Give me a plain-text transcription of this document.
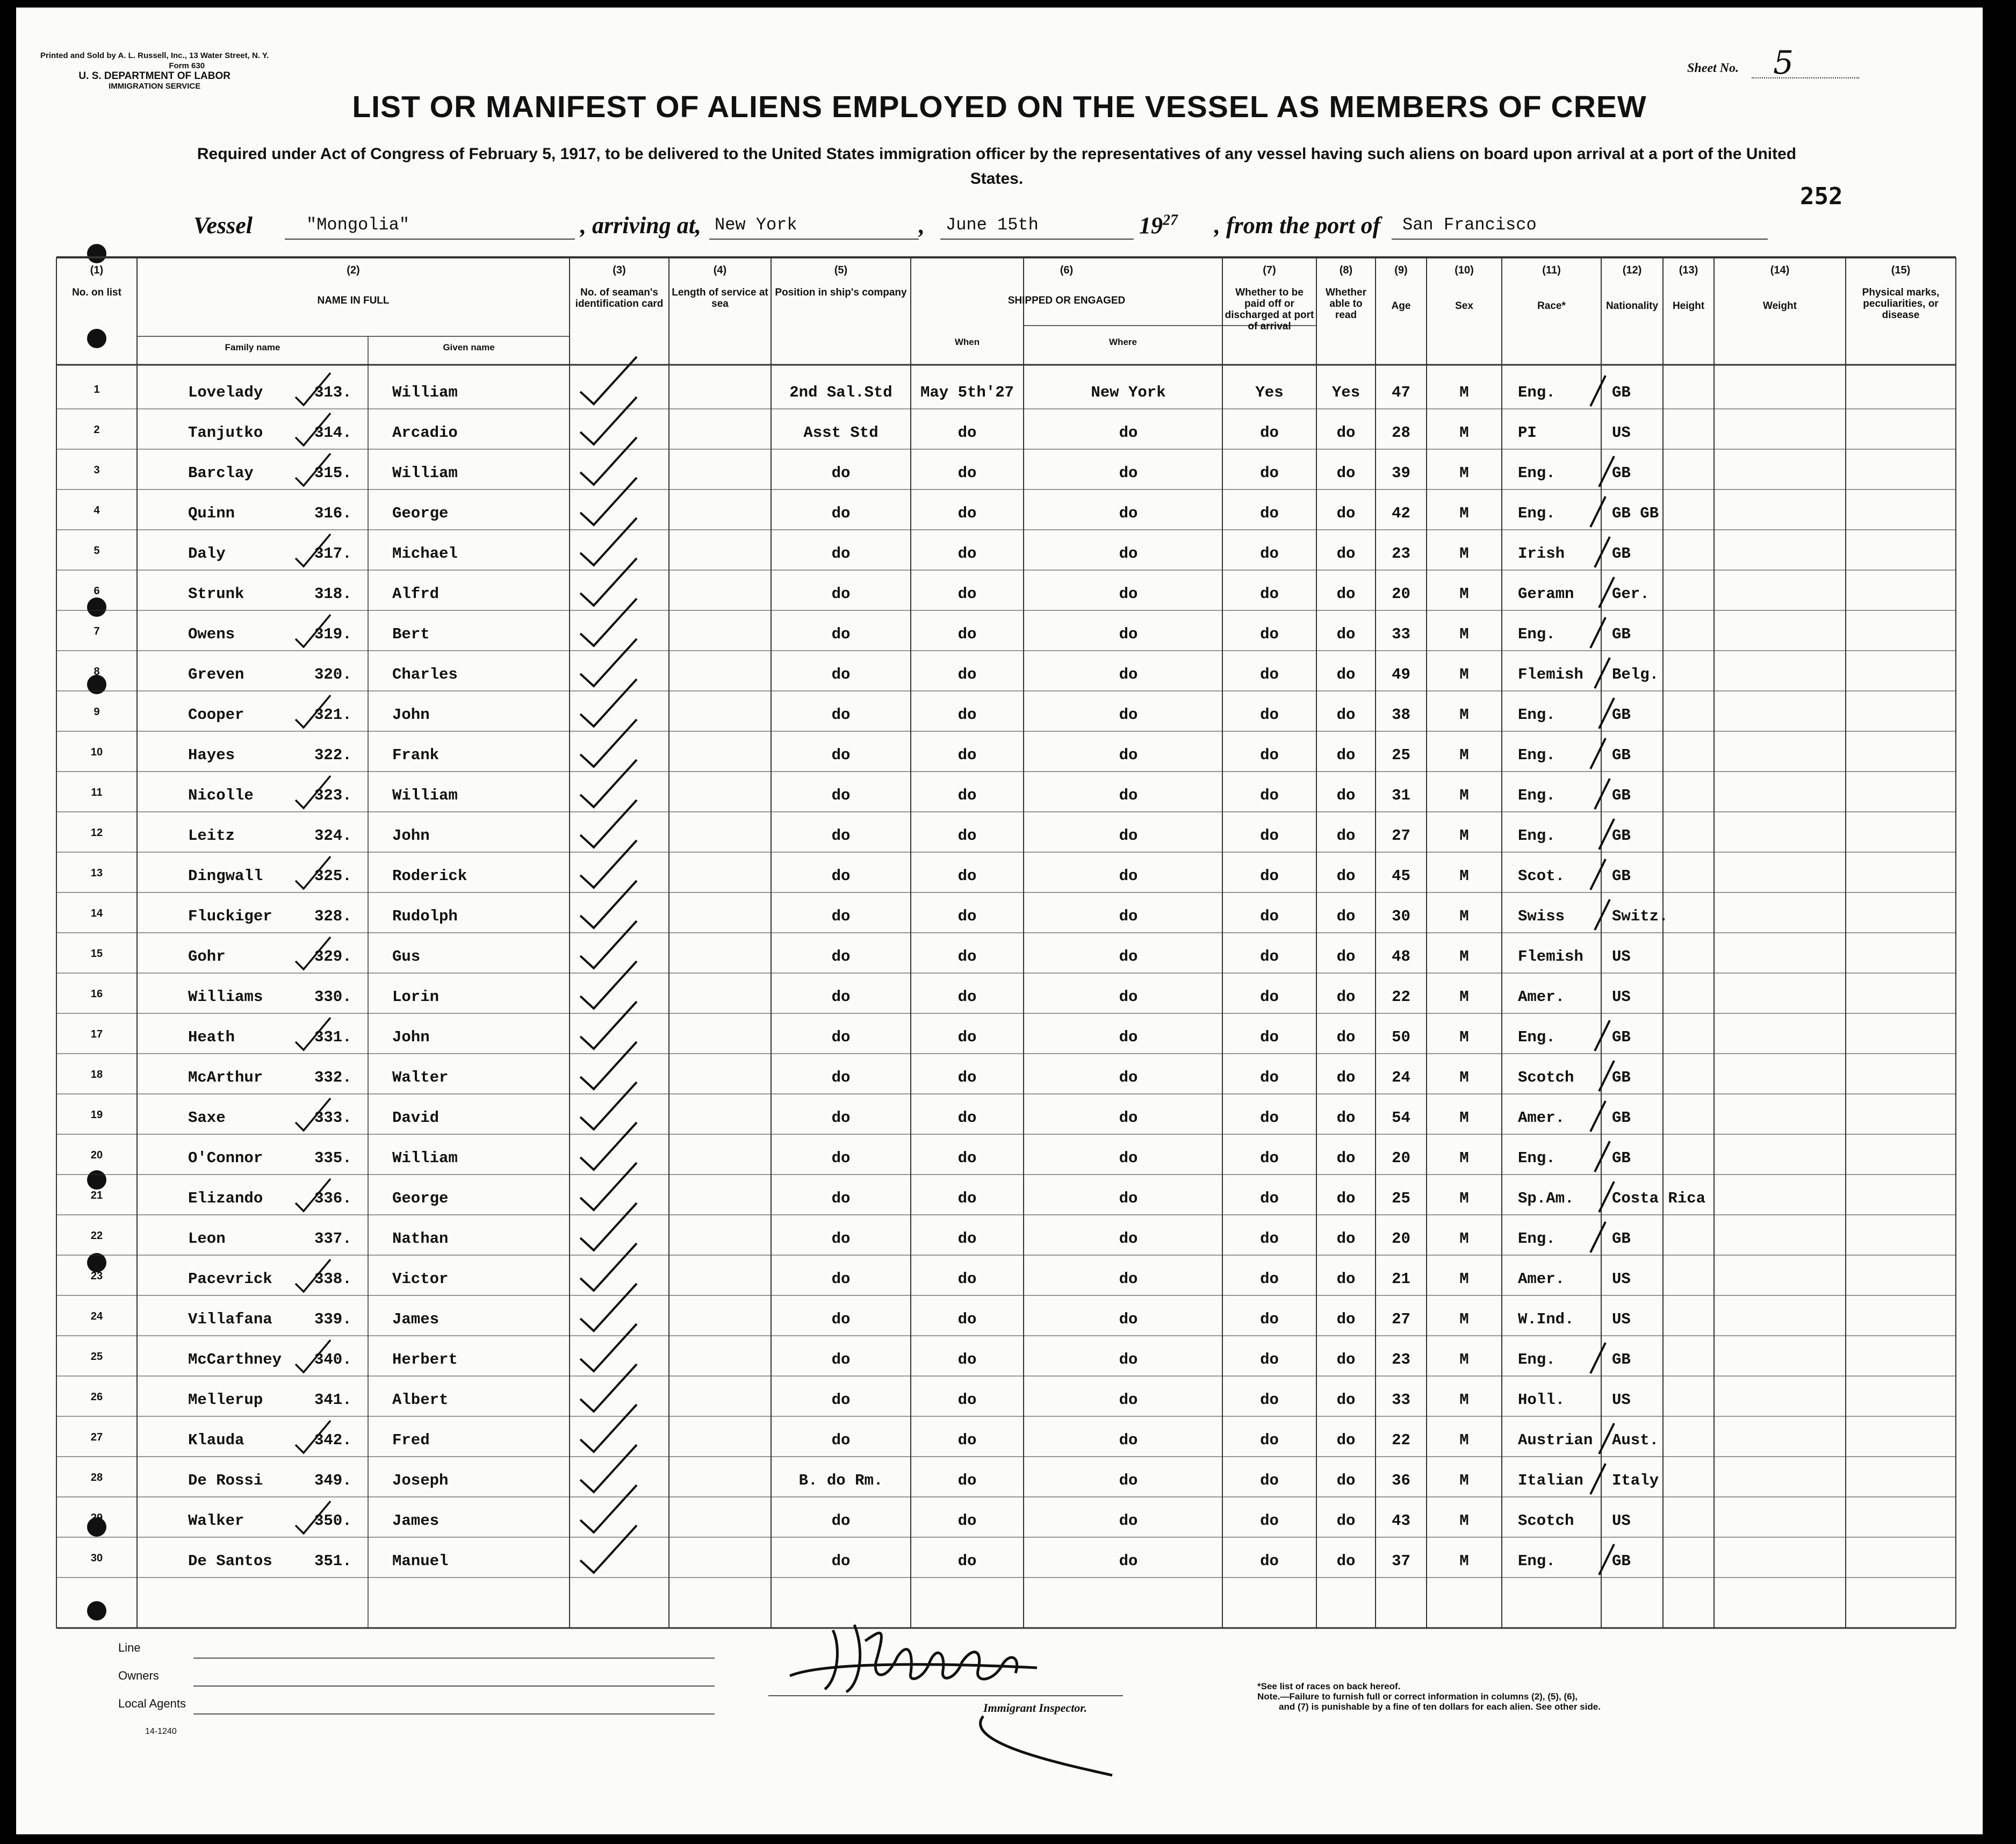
Printed and Sold by A. L. Russell, Inc., 13 Water Street, N. Y.
Form 630
U. S. DEPARTMENT OF LABOR
IMMIGRATION SERVICE
Sheet No. 5
LIST OR MANIFEST OF ALIENS EMPLOYED ON THE VESSEL AS MEMBERS OF CREW
Required under Act of Congress of February 5, 1917, to be delivered to the United States immigration officer by the representatives of any vessel having such aliens on board upon arrival at a port of the United States.
252
Vessel	"Mongolia"	, arriving at, New York	, June 15th	$19^{27}$ , from the port of San Francisco
(1)
No. on list
(2)
NAME IN FULL
(3)
No. of seaman's identification card
(4)
Length of service at sea
(5)
Position in ship's company
(6)
SHIPPED OR ENGAGED
(7)
Whether to be paid off or discharged at port of arrival
(8)
Whether able to read
(9)
Age
(10)
Sex
(11)
Race*
(12)
Nationality
(13)
Height
(14)
Weight
(15)
Physical marks, peculiarities, or disease
Family name	Given name
When	Where
1	Lovelady	313.	William	2nd Sal.Std	May 5th'27	New York	Yes	Yes	47	M	Eng.	GB
2	Tanjutko	314.	Arcadio	Asst Std	do	do	do	do	28	M	PI	US
3	Barclay	315.	William	do	do	do	do	do	39	M	Eng.	GB
4	Quinn	316.	George	do	do	do	do	do	42	M	Eng.	GB GB
5	Daly	317.	Michael	do	do	do	do	do	23	M	Irish	GB
6	Strunk	318.	Alfrd	do	do	do	do	do	20	M	Geramn	Ger.
7	Owens	319.	Bert	do	do	do	do	do	33	M	Eng.	GB
8	Greven	320.	Charles	do	do	do	do	do	49	M	Flemish	Belg.
9	Cooper	321.	John	do	do	do	do	do	38	M	Eng.	GB
10	Hayes	322.	Frank	do	do	do	do	do	25	M	Eng.	GB
11	Nicolle	323.	William	do	do	do	do	do	31	M	Eng.	GB
12	Leitz	324.	John	do	do	do	do	do	27	M	Eng.	GB
13	Dingwall	325.	Roderick	do	do	do	do	do	45	M	Scot.	GB
14	Fluckiger	328.	Rudolph	do	do	do	do	do	30	M	Swiss	Switz.
15	Gohr	329.	Gus	do	do	do	do	do	48	M	Flemish	US
16	Williams	330.	Lorin	do	do	do	do	do	22	M	Amer.	US
17	Heath	331.	John	do	do	do	do	do	50	M	Eng.	GB
18	McArthur	332.	Walter	do	do	do	do	do	24	M	Scotch	GB
19	Saxe	333.	David	do	do	do	do	do	54	M	Amer.	GB
20	O'Connor	335.	William	do	do	do	do	do	20	M	Eng.	GB
21	Elizando	336.	George	do	do	do	do	do	25	M	Sp.Am.	Costa Rica
22	Leon	337.	Nathan	do	do	do	do	do	20	M	Eng.	GB
23	Pacevrick	338.	Victor	do	do	do	do	do	21	M	Amer.	US
24	Villafana	339.	James	do	do	do	do	do	27	M	W.Ind.	US
25	McCarthney	340.	Herbert	do	do	do	do	do	23	M	Eng.	GB
26	Mellerup	341.	Albert	do	do	do	do	do	33	M	Holl.	US
27	Klauda	342.	Fred	do	do	do	do	do	22	M	Austrian	Aust.
28	De Rossi	349.	Joseph	B. do Rm.	do	do	do	do	36	M	Italian	Italy
29	Walker	350.	James	do	do	do	do	do	43	M	Scotch	US
30	De Santos	351.	Manuel	do	do	do	do	do	37	M	Eng.	GB
Line
Owners
Local Agents
14-1240
Immigrant Inspector.
*See list of races on back hereof.
Note.—Failure to furnish full or correct information in columns (2), (5), (6),
and (7) is punishable by a fine of ten dollars for each alien. See other side.
